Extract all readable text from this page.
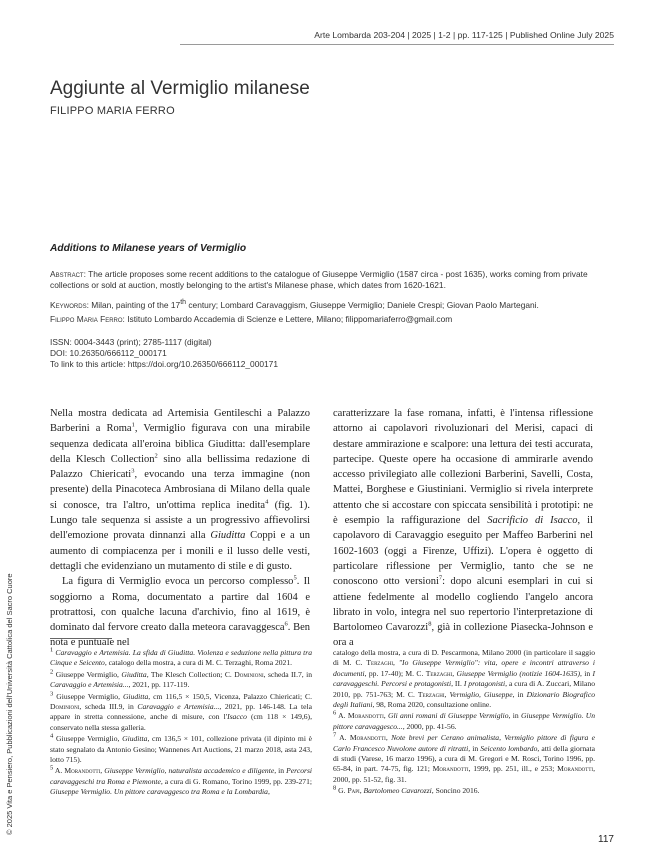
Arte Lombarda 203-204 | 2025 | 1-2 | pp. 117-125 | Published Online July 2025
Aggiunte al Vermiglio milanese
FILIPPO MARIA FERRO
Additions to Milanese years of Vermiglio
Abstract: The article proposes some recent additions to the catalogue of Giuseppe Vermiglio (1587 circa - post 1635), works coming from private collections or sold at auction, mostly belonging to the artist's Milanese phase, which dates from 1620-1621.
Keywords: Milan, painting of the 17th century; Lombard Caravaggism, Giuseppe Vermiglio; Daniele Crespi; Giovan Paolo Martegani.
Filippo Maria Ferro: Istituto Lombardo Accademia di Scienze e Lettere, Milano; filippomariaferro@gmail.com
ISSN: 0004-3443 (print); 2785-1117 (digital)
DOI: 10.26350/666112_000171
To link to this article: https://doi.org/10.26350/666112_000171

Nella mostra dedicata ad Artemisia Gentileschi a Palazzo Barberini a Roma$^1$, Vermiglio figurava con una mirabile sequenza dedicata all'eroina biblica Giuditta: dall'esemplare della Klesch Collection$^2$ sino alla bellissima redazione di Palazzo Chiericati$^3$, evocando una terza immagine (non presente) della Pinacoteca Ambrosiana di Milano della quale si conosce, tra l'altro, un'ottima replica inedita$^4$ (fig. 1). Lungo tale sequenza si assiste a un progressivo affievolirsi dell'emozione provata dinnanzi alla Giuditta Coppi e a un aumento di compiacenza per i monili e il lusso delle vesti, dettagli che evidenziano un mutamento di stile e di gusto.

La figura di Vermiglio evoca un percorso complesso$^5$. Il soggiorno a Roma, documentato a partire dal 1604 e protrattosi, con qualche lacuna d'archivio, fino al 1619, è dominato dal fervore creato dalla meteora caravaggesca$^6$. Ben nota e puntuale nel

caratterizzare la fase romana, infatti, è l'intensa riflessione attorno ai capolavori rivoluzionari del Merisi, capaci di destare ammirazione e scalpore: una lettura dei testi accurata, partecipe. Queste opere ha occasione di ammirarle avendo accesso privilegiato alle collezioni Barberini, Savelli, Costa, Mattei, Borghese e Giustiniani. Vermiglio si rivela interprete attento che si accostare con spiccata sensibilità i prototipi: ne è esempio la raffigurazione del Sacrificio di Isacco, il capolavoro di Caravaggio eseguito per Maffeo Barberini nel 1602-1603 (oggi a Firenze, Uffizi). L'opera è oggetto di particolare riflessione per Vermiglio, tanto che se ne conoscono otto versioni$^7$: dopo alcuni esemplari in cui si attiene fedelmente al modello cogliendo l'angelo ancora librato in volo, integra nel suo repertorio l'interpretazione di Bartolomeo Cavarozzi$^8$, già in collezione Piasecka-Johnson e ora a

$^1$ Caravaggio e Artemisia. La sfida di Giuditta. Violenza e seduzione nella pittura tra Cinque e Seicento, catalogo della mostra, a cura di M. C. Terzaghi, Roma 2021.

$^2$ Giuseppe Vermiglio, Giuditta, The Klesch Collection; C. Dominioni, scheda II.7, in Caravaggio e Artemisia..., 2021, pp. 117-119.

$^3$ Giuseppe Vermiglio, Giuditta, cm 116,5 × 150,5, Vicenza, Palazzo Chiericati; C. Dominioni, scheda III.9, in Caravaggio e Artemisia..., 2021, pp. 146-148. La tela appare in stretta connessione, anche di misure, con l'Isacco (cm 118 × 149,6), conservato nella stessa galleria.

$^4$ Giuseppe Vermiglio, Giuditta, cm 136,5 × 101, collezione privata (il dipinto mi è stato segnalato da Antonio Gesino; Wannenes Art Auctions, 21 marzo 2018, asta 243, lotto 715).

$^5$ A. Morandotti, Giuseppe Vermiglio, naturalista accademico e diligente, in Percorsi caravaggeschi tra Roma e Piemonte, a cura di G. Romano, Torino 1999, pp. 239-271; Giuseppe Vermiglio. Un pittore caravaggesco tra Roma e la Lombardia,

catalogo della mostra, a cura di D. Pescarmona, Milano 2000 (in particolare il saggio di M. C. Terzaghi, "Io Giuseppe Vermiglio": vita, opere e incontri attraverso i documenti, pp. 17-40); M. C. Terzaghi, Giuseppe Vermiglio (notizie 1604-1635), in I caravaggeschi. Percorsi e protagonisti, II. I protagonisti, a cura di A. Zuccari, Milano 2010, pp. 751-763; M. C. Terzaghi, Vermiglio, Giuseppe, in Dizionario Biografico degli Italiani, 98, Roma 2020, consultazione online.

$^6$ A. Morandotti, Gli anni romani di Giuseppe Vermiglio, in Giuseppe Vermiglio. Un pittore caravaggesco..., 2000, pp. 41-56.

$^7$ A. Morandotti, Note brevi per Cerano animalista, Vermiglio pittore di figura e Carlo Francesco Nuvolone autore di ritratti, in Seicento lombardo, atti della giornata di studi (Varese, 16 marzo 1996), a cura di M. Gregori e M. Rosci, Torino 1996, pp. 65-84, in part. 74-75, fig. 121; Morandotti, 1999, pp. 251, ill., e 253; Morandotti, 2000, pp. 51-52, fig. 31.

$^8$ G. Papi, Bartolomeo Cavarozzi, Soncino 2016.

© 2025 Vita e Pensiero, Pubblicazioni dell'Università Cattolica del Sacro Cuore
117
